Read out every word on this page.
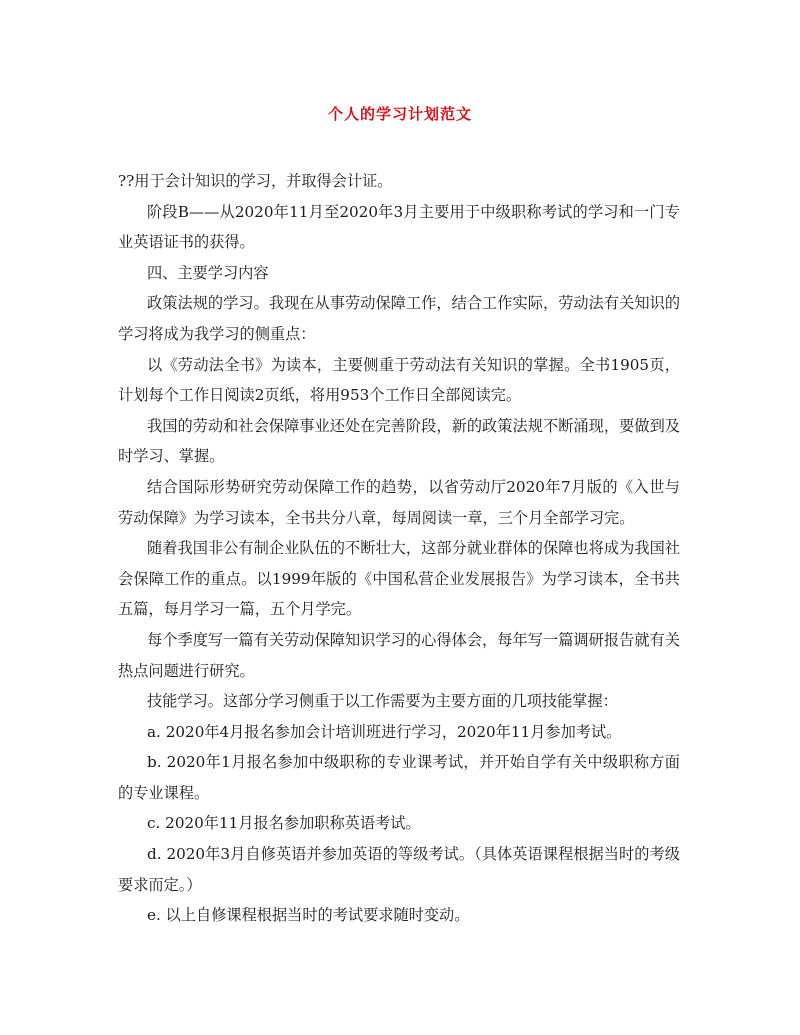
个人的学习计划范文

??用于会计知识的学习，并取得会计证。

阶段B——从2020年11月至2020年3月主要用于中级职称考试的学习和一门专业英语证书的获得。

四、主要学习内容

政策法规的学习。我现在从事劳动保障工作，结合工作实际，劳动法有关知识的学习将成为我学习的侧重点：

以《劳动法全书》为读本，主要侧重于劳动法有关知识的掌握。全书1905页，计划每个工作日阅读2页纸，将用953个工作日全部阅读完。

我国的劳动和社会保障事业还处在完善阶段，新的政策法规不断涌现，要做到及时学习、掌握。

结合国际形势研究劳动保障工作的趋势，以省劳动厅2020年7月版的《入世与劳动保障》为学习读本，全书共分八章，每周阅读一章，三个月全部学习完。

随着我国非公有制企业队伍的不断壮大，这部分就业群体的保障也将成为我国社会保障工作的重点。以1999年版的《中国私营企业发展报告》为学习读本，全书共五篇，每月学习一篇，五个月学完。

每个季度写一篇有关劳动保障知识学习的心得体会，每年写一篇调研报告就有关热点问题进行研究。

技能学习。这部分学习侧重于以工作需要为主要方面的几项技能掌握：

a. 2020年4月报名参加会计培训班进行学习，2020年11月参加考试。

b. 2020年1月报名参加中级职称的专业课考试，并开始自学有关中级职称方面的专业课程。

c. 2020年11月报名参加职称英语考试。

d. 2020年3月自修英语并参加英语的等级考试。（具体英语课程根据当时的考级要求而定。）

e. 以上自修课程根据当时的考试要求随时变动。
